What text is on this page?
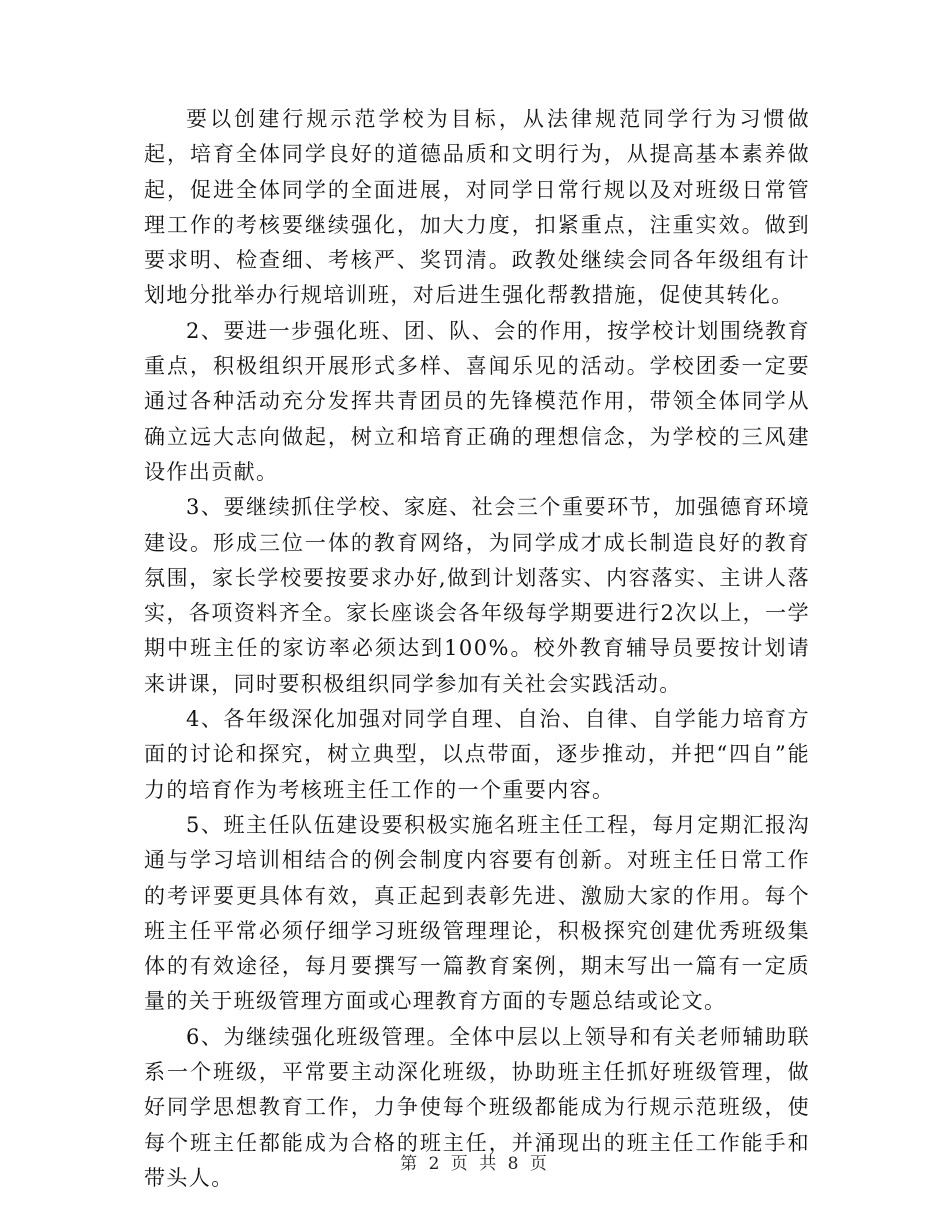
要以创建行规示范学校为目标，从法律规范同学行为习惯做起，培育全体同学良好的道德品质和文明行为，从提高基本素养做起，促进全体同学的全面进展，对同学日常行规以及对班级日常管理工作的考核要继续强化，加大力度，扣紧重点，注重实效。做到要求明、检查细、考核严、奖罚清。政教处继续会同各年级组有计划地分批举办行规培训班，对后进生强化帮教措施，促使其转化。

2、要进一步强化班、团、队、会的作用，按学校计划围绕教育重点，积极组织开展形式多样、喜闻乐见的活动。学校团委一定要通过各种活动充分发挥共青团员的先锋模范作用，带领全体同学从确立远大志向做起，树立和培育正确的理想信念，为学校的三风建设作出贡献。

3、要继续抓住学校、家庭、社会三个重要环节，加强德育环境建设。形成三位一体的教育网络，为同学成才成长制造良好的教育氛围，家长学校要按要求办好,做到计划落实、内容落实、主讲人落实，各项资料齐全。家长座谈会各年级每学期要进行2次以上，一学期中班主任的家访率必须达到100%。校外教育辅导员要按计划请来讲课，同时要积极组织同学参加有关社会实践活动。

4、各年级深化加强对同学自理、自治、自律、自学能力培育方面的讨论和探究，树立典型，以点带面，逐步推动，并把“四自”能力的培育作为考核班主任工作的一个重要内容。

5、班主任队伍建设要积极实施名班主任工程，每月定期汇报沟通与学习培训相结合的例会制度内容要有创新。对班主任日常工作的考评要更具体有效，真正起到表彰先进、激励大家的作用。每个班主任平常必须仔细学习班级管理理论，积极探究创建优秀班级集体的有效途径，每月要撰写一篇教育案例，期末写出一篇有一定质量的关于班级管理方面或心理教育方面的专题总结或论文。

6、为继续强化班级管理。全体中层以上领导和有关老师辅助联系一个班级，平常要主动深化班级，协助班主任抓好班级管理，做好同学思想教育工作，力争使每个班级都能成为行规示范班级，使每个班主任都能成为合格的班主任，并涌现出的班主任工作能手和带头人。

第 2 页 共 8 页
